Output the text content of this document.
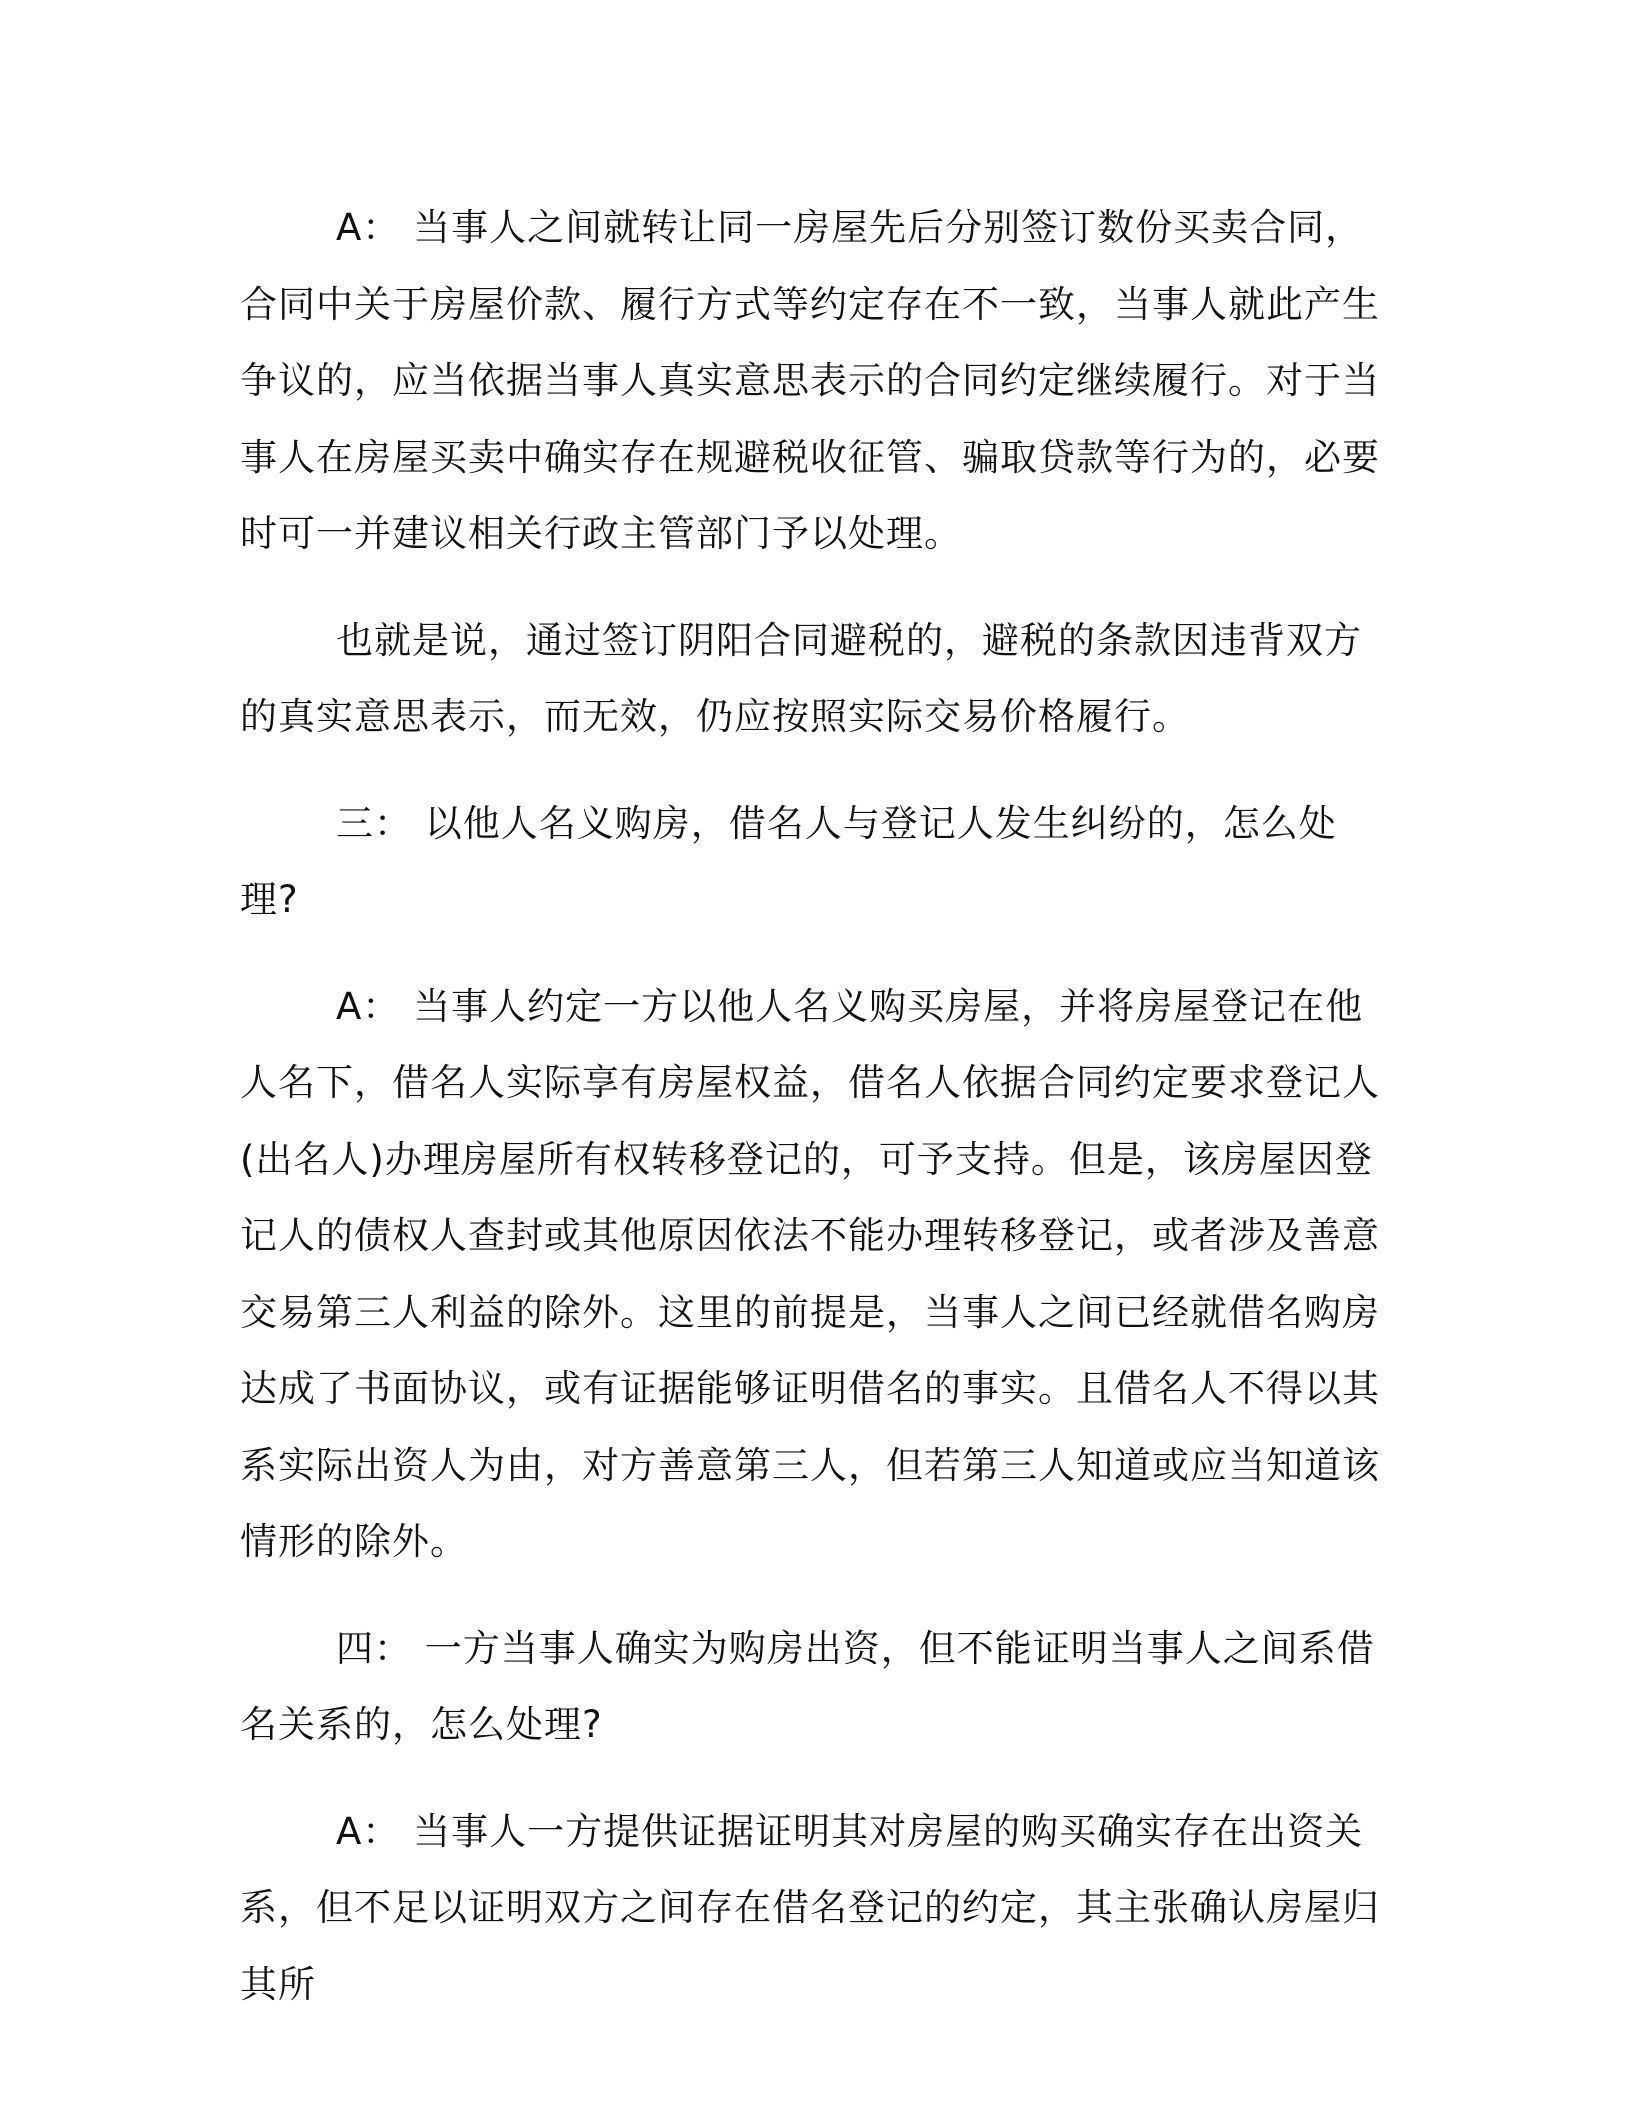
A： 当事人之间就转让同一房屋先后分别签订数份买卖合同，合同中关于房屋价款、履行方式等约定存在不一致，当事人就此产生争议的，应当依据当事人真实意思表示的合同约定继续履行。对于当事人在房屋买卖中确实存在规避税收征管、骗取贷款等行为的，必要时可一并建议相关行政主管部门予以处理。

也就是说，通过签订阴阳合同避税的，避税的条款因违背双方的真实意思表示，而无效，仍应按照实际交易价格履行。

三： 以他人名义购房，借名人与登记人发生纠纷的，怎么处理?

A： 当事人约定一方以他人名义购买房屋，并将房屋登记在他人名下，借名人实际享有房屋权益，借名人依据合同约定要求登记人(出名人)办理房屋所有权转移登记的，可予支持。但是，该房屋因登记人的债权人查封或其他原因依法不能办理转移登记，或者涉及善意交易第三人利益的除外。这里的前提是，当事人之间已经就借名购房达成了书面协议，或有证据能够证明借名的事实。且借名人不得以其系实际出资人为由，对方善意第三人，但若第三人知道或应当知道该情形的除外。

四： 一方当事人确实为购房出资，但不能证明当事人之间系借名关系的，怎么处理?

A： 当事人一方提供证据证明其对房屋的购买确实存在出资关系，但不足以证明双方之间存在借名登记的约定，其主张确认房屋归其所
